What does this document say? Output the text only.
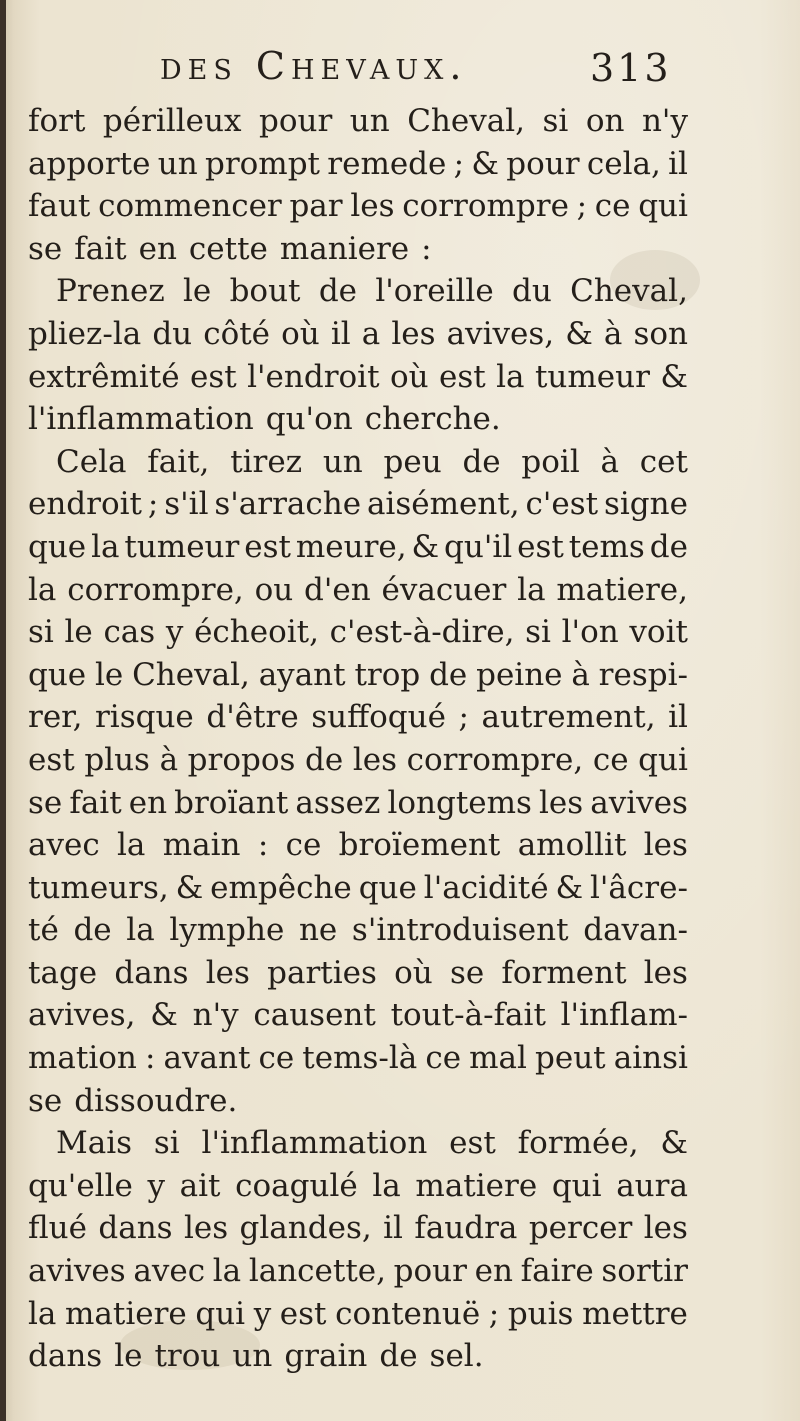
des Chevaux.	313
fort périlleux pour un Cheval, si on n'y
apporte un prompt remede ; & pour cela, il
faut commencer par les corrompre ; ce qui
se fait en cette maniere :
Prenez le bout de l'oreille du Cheval,
pliez-la du côté où il a les avives, & à son
extrêmité est l'endroit où est la tumeur &
l'inflammation qu'on cherche.
Cela fait, tirez un peu de poil à cet
endroit ; s'il s'arrache aisément, c'est signe
que la tumeur est meure, & qu'il est tems de
la corrompre, ou d'en évacuer la matiere,
si le cas y écheoit, c'est-à-dire, si l'on voit
que le Cheval, ayant trop de peine à respi-
rer, risque d'être suffoqué ; autrement, il
est plus à propos de les corrompre, ce qui
se fait en broïant assez longtems les avives
avec la main : ce broïement amollit les
tumeurs, & empêche que l'acidité & l'âcre-
té de la lymphe ne s'introduisent davan-
tage dans les parties où se forment les
avives, & n'y causent tout-à-fait l'inflam-
mation : avant ce tems-là ce mal peut ainsi
se dissoudre.
Mais si l'inflammation est formée, &
qu'elle y ait coagulé la matiere qui aura
flué dans les glandes, il faudra percer les
avives avec la lancette, pour en faire sortir
la matiere qui y est contenuë ; puis mettre
dans le trou un grain de sel.
